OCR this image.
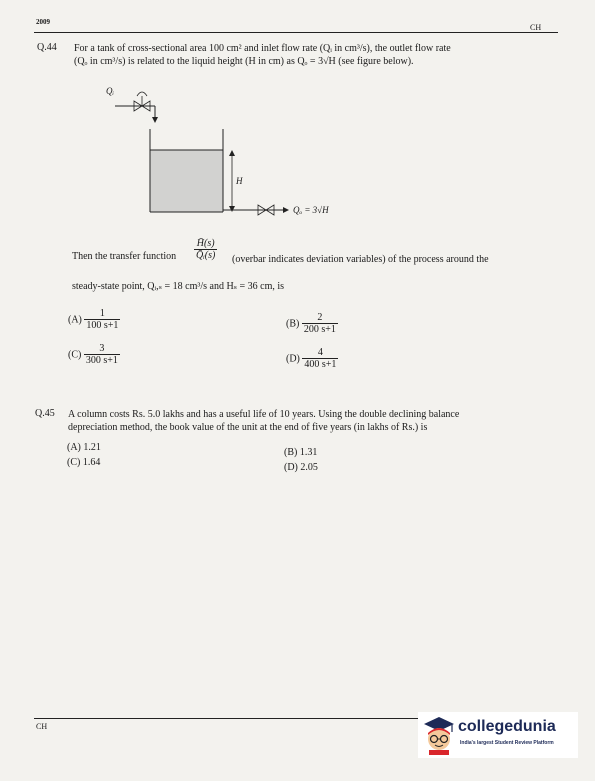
2009
CH
Q.44 For a tank of cross-sectional area 100 cm² and inlet flow rate (Qᵢ in cm³/s), the outlet flow rate
(Qₒ in cm³/s) is related to the liquid height (H in cm) as Qₒ = 3√H (see figure below).
Qᵢ
H
Qₒ = 3√H
Then the transfer function $\frac{H̄(s)}{\text{Q̄ᵢ(s)}}$ (overbar indicates deviation variables) of the process around the
steady-state point, Qᵢ,ₛ = 18 cm³/s and Hₛ = 36 cm, is
$(A) \frac{1}{100 s+1}$	$(B) \frac{2}{200 s+1}$
$(C) \frac{3}{300 s+1}$	$(D) \frac{4}{400 s+1}$
Q.45 A column costs Rs. 5.0 lakhs and has a useful life of 10 years. Using the double declining balance
depreciation method, the book value of the unit at the end of five years (in lakhs of Rs.) is
(A) 1.21	(B) 1.31
(C) 1.64	(D) 2.05
CH	collegedunia
India's largest Student Review Platform
